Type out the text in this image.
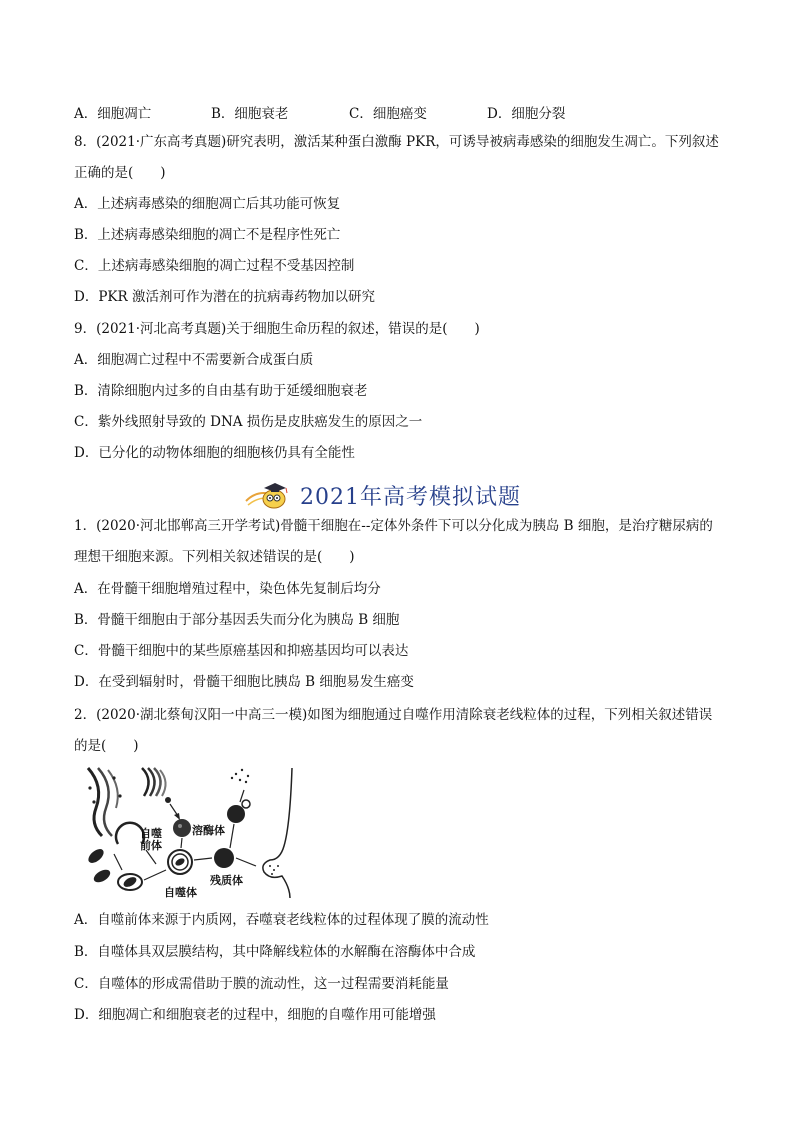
A．细胞凋亡	B．细胞衰老	C．细胞癌变	D．细胞分裂
8．(2021·广东高考真题)研究表明，激活某种蛋白激酶 PKR，可诱导被病毒感染的细胞发生凋亡。下列叙述
正确的是(　　)
A．上述病毒感染的细胞凋亡后其功能可恢复
B．上述病毒感染细胞的凋亡不是程序性死亡
C．上述病毒感染细胞的凋亡过程不受基因控制
D．PKR 激活剂可作为潜在的抗病毒药物加以研究
9．(2021·河北高考真题)关于细胞生命历程的叙述，错误的是(　　)
A．细胞凋亡过程中不需要新合成蛋白质
B．清除细胞内过多的自由基有助于延缓细胞衰老
C．紫外线照射导致的 DNA 损伤是皮肤癌发生的原因之一
D．已分化的动物体细胞的细胞核仍具有全能性
2021年高考模拟试题
1．(2020·河北邯郸高三开学考试)骨髓干细胞在--定体外条件下可以分化成为胰岛 B 细胞，是治疗糖尿病的
理想干细胞来源。下列相关叙述错误的是(　　)
A．在骨髓干细胞增殖过程中，染色体先复制后均分
B．骨髓干细胞由于部分基因丢失而分化为胰岛 B 细胞
C．骨髓干细胞中的某些原癌基因和抑癌基因均可以表达
D．在受到辐射时，骨髓干细胞比胰岛 B 细胞易发生癌变
2．(2020·湖北蔡甸汉阳一中高三一模)如图为细胞通过自噬作用清除衰老线粒体的过程，下列相关叙述错误
的是(　　)
自噬
前体
溶酶体
自噬体
残质体
A．自噬前体来源于内质网，吞噬衰老线粒体的过程体现了膜的流动性
B．自噬体具双层膜结构，其中降解线粒体的水解酶在溶酶体中合成
C．自噬体的形成需借助于膜的流动性，这一过程需要消耗能量
D．细胞凋亡和细胞衰老的过程中，细胞的自噬作用可能增强
